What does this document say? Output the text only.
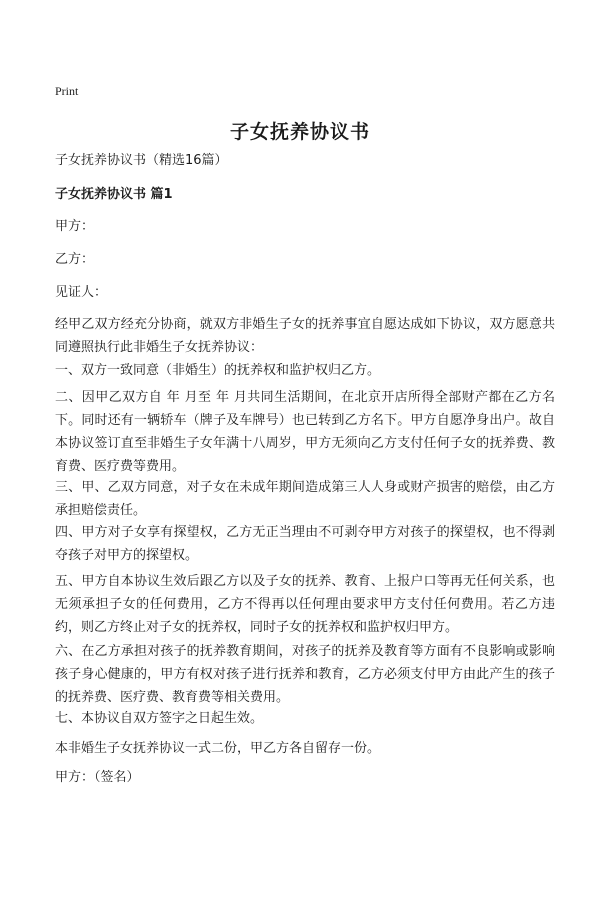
Print
子女抚养协议书
子女抚养协议书（精选16篇）
子女抚养协议书 篇1
甲方：
乙方：
见证人：
经甲乙双方经充分协商，就双方非婚生子女的抚养事宜自愿达成如下协议，双方愿意共同遵照执行此非婚生子女抚养协议：
一、双方一致同意（非婚生）的抚养权和监护权归乙方。
二、因甲乙双方自 年 月至 年 月共同生活期间，在北京开店所得全部财产都在乙方名下。同时还有一辆轿车（牌子及车牌号）也已转到乙方名下。甲方自愿净身出户。故自本协议签订直至非婚生子女年满十八周岁，甲方无须向乙方支付任何子女的抚养费、教育费、医疗费等费用。
三、甲、乙双方同意，对子女在未成年期间造成第三人人身或财产损害的赔偿，由乙方承担赔偿责任。
四、甲方对子女享有探望权，乙方无正当理由不可剥夺甲方对孩子的探望权，也不得剥夺孩子对甲方的探望权。
五、甲方自本协议生效后跟乙方以及子女的抚养、教育、上报户口等再无任何关系，也无须承担子女的任何费用，乙方不得再以任何理由要求甲方支付任何费用。若乙方违约，则乙方终止对子女的抚养权，同时子女的抚养权和监护权归甲方。
六、在乙方承担对孩子的抚养教育期间，对孩子的抚养及教育等方面有不良影响或影响孩子身心健康的，甲方有权对孩子进行抚养和教育，乙方必须支付甲方由此产生的孩子的抚养费、医疗费、教育费等相关费用。
七、本协议自双方签字之日起生效。
本非婚生子女抚养协议一式二份，甲乙方各自留存一份。
甲方：（签名）
